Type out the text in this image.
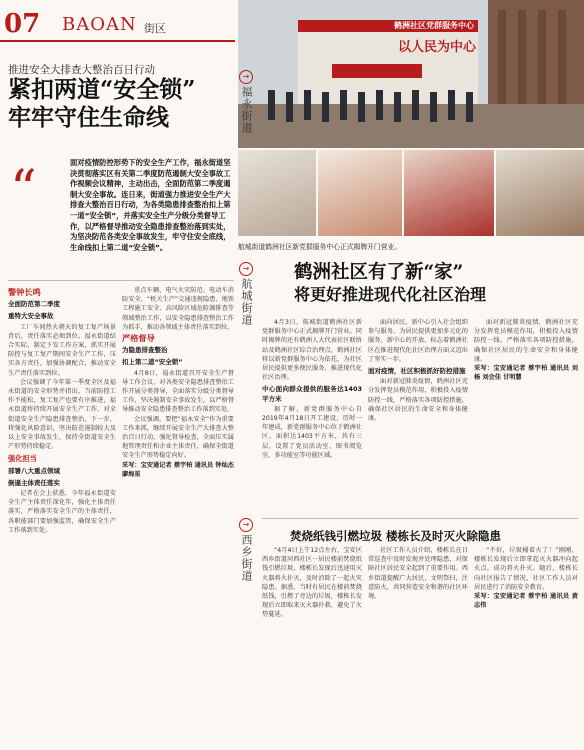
07 BAOAN 街区
推进安全大排查大整治百日行动
紧扣两道“安全锁”
牢牢守住生命线
“	面对疫情防控形势下的安全生产工作，福永街道坚决贯彻落实区有关第二季度防范遏制大安全事故工作视频会议精神，主动出击，全面防范第二季度遏制大安全事故。连日来，街道强力推进安全生产大排查大整治百日行动，为各类隐患排查整治扣上第一道“安全锁”，并落实安全生产分级分类督导工作，以严格督导推动安全隐患排查整治落到实处，为坚决防范各类安全事故发生，牢守住安全底线，生命线扣上第二道“安全锁”。
警钟长鸣
全面防范第二季度
重特大安全事故

工厂车间热火朝天的复工复产场景背后，责任落实必须到位。福永街道结合实际，制定下发工作方案，抓实开展防控与复工复产期间安全生产工作，压实各方责任，加强协调配合，推动安全生产责任落实到位。

会议强调了今年第一季度全区及福永街道的安全形势并指出，当前防控工作不能松，复工复产也要有序推进，福永街道将持续开展安全生产工作，对全街道安全生产隐患排查整治，下一步，将强化风险意识，坚决防范遏制较大及以上安全事故发生，保持全街道安全生产形势持续稳定。

强化担当
部署八大重点领域
倒逼主体责任落实

记者在会上获悉，今年福永街道安全生产主体责任深化年，强化主体责任落实，严格落实安全生产的主体责任，各职能部门要加强监管，确保安全生产工作落到实处。

重点车辆、电气火灾防范、电动车消防安全、“机关生产”交通违规隐患、地铁工程施工安全、高风险区域危险源排查等领域整治工作，以安全隐患排查整治工作为抓手，推动各领域主体责任落实到位。

严格督导
为隐患排查整治
扣上第二道“安全锁”

4月8日，福永街道召开安全生产督导工作会议，对各类安全隐患排查整治工作开展分类督导，全面落实分级分类督导工作，坚决遏制安全事故发生，以严格督导推动安全隐患排查整治工作落到实处。

会议强调，要把“福永安全”作为重要工作来抓，继续开展安全生产大排查大整治百日行动，强化督导检查，全面压实属地管理责任和企业主体责任，确保全街道安全生产形势稳定向好。

采写：宝安通记者 蔡宇柏 通讯员 钟灿杰 廖海星

鹤洲社区党群服务中心
以人民为中心
航城街道鹤洲社区新党群服务中心正式揭牌开门营业。
→
福永街道
→
航城街道
→
西乡街道
鹤洲社区有了新“家”
将更好推进现代化社区治理

4月3日，航城街道鹤洲社区新党群服务中心正式揭牌开门营业。同时揭牌的还有鹤洲人大代表社区联络站及鹤洲社区综合治理点，鹤洲社区将以新党群服务中心为依托，为社区居民提供更多便民服务，推进现代化社区治理。

中心面向群众提供的服务达1403平方米

据了解，新党群服务中心自2019年4月18日开工建设，历时一年建成，新党群服务中心位于鹤洲社区，面积达1403平方米，共有三层，设置了党员活动室、图书阅览室、多功能室等功能区域。

面向居民，新中心引入社会组织参与服务，为居民提供更加多元化的服务。新中心的开放，标志着鹤洲社区在推进现代化社区治理方面又迈出了坚实一步。

面对疫情，社区积极抓好防控措施

面对新冠肺炎疫情，鹤洲社区充分发挥党员模范作用，积极投入疫情防控一线，严格落实各项防控措施，确保社区居民的生命安全和身体健康。

面对新冠肺炎疫情，鹤洲社区充分发挥党员模范作用，积极投入疫情防控一线，严格落实各项防控措施，确保社区居民的生命安全和身体健康。

采写：宝安通记者 蔡宇柏 通讯员 刘杨 刘会佳 甘明慧

焚烧纸钱引燃垃圾 楼栋长及时灭火除隐患

“4月4日上午12点左右，宝安区西乡街道河西社区一居民楼前焚烧纸钱引燃垃圾，楼栋长发现后迅速用灭火器将火扑灭，及时消除了一起火灾隐患。据悉，当时有居民在楼前焚烧纸钱，引燃了旁边的垃圾，楼栋长发现后立即取来灭火器扑救，避免了火势蔓延。

社区工作人员介绍，楼栋长在日常巡查中及时发现并处理隐患，对保障社区居民安全起到了重要作用。西乡街道提醒广大居民，文明祭扫，注意防火，共同营造安全和谐的社区环境。

“不好，垃圾桶着火了！”刚刚，楼栋长发现后立即拿起灭火器冲向起火点，成功将火扑灭。随后，楼栋长向社区报告了情况，社区工作人员对居民进行了消防安全教育。

采写：宝安通记者 蔡宇柏 通讯员 黄志伟
